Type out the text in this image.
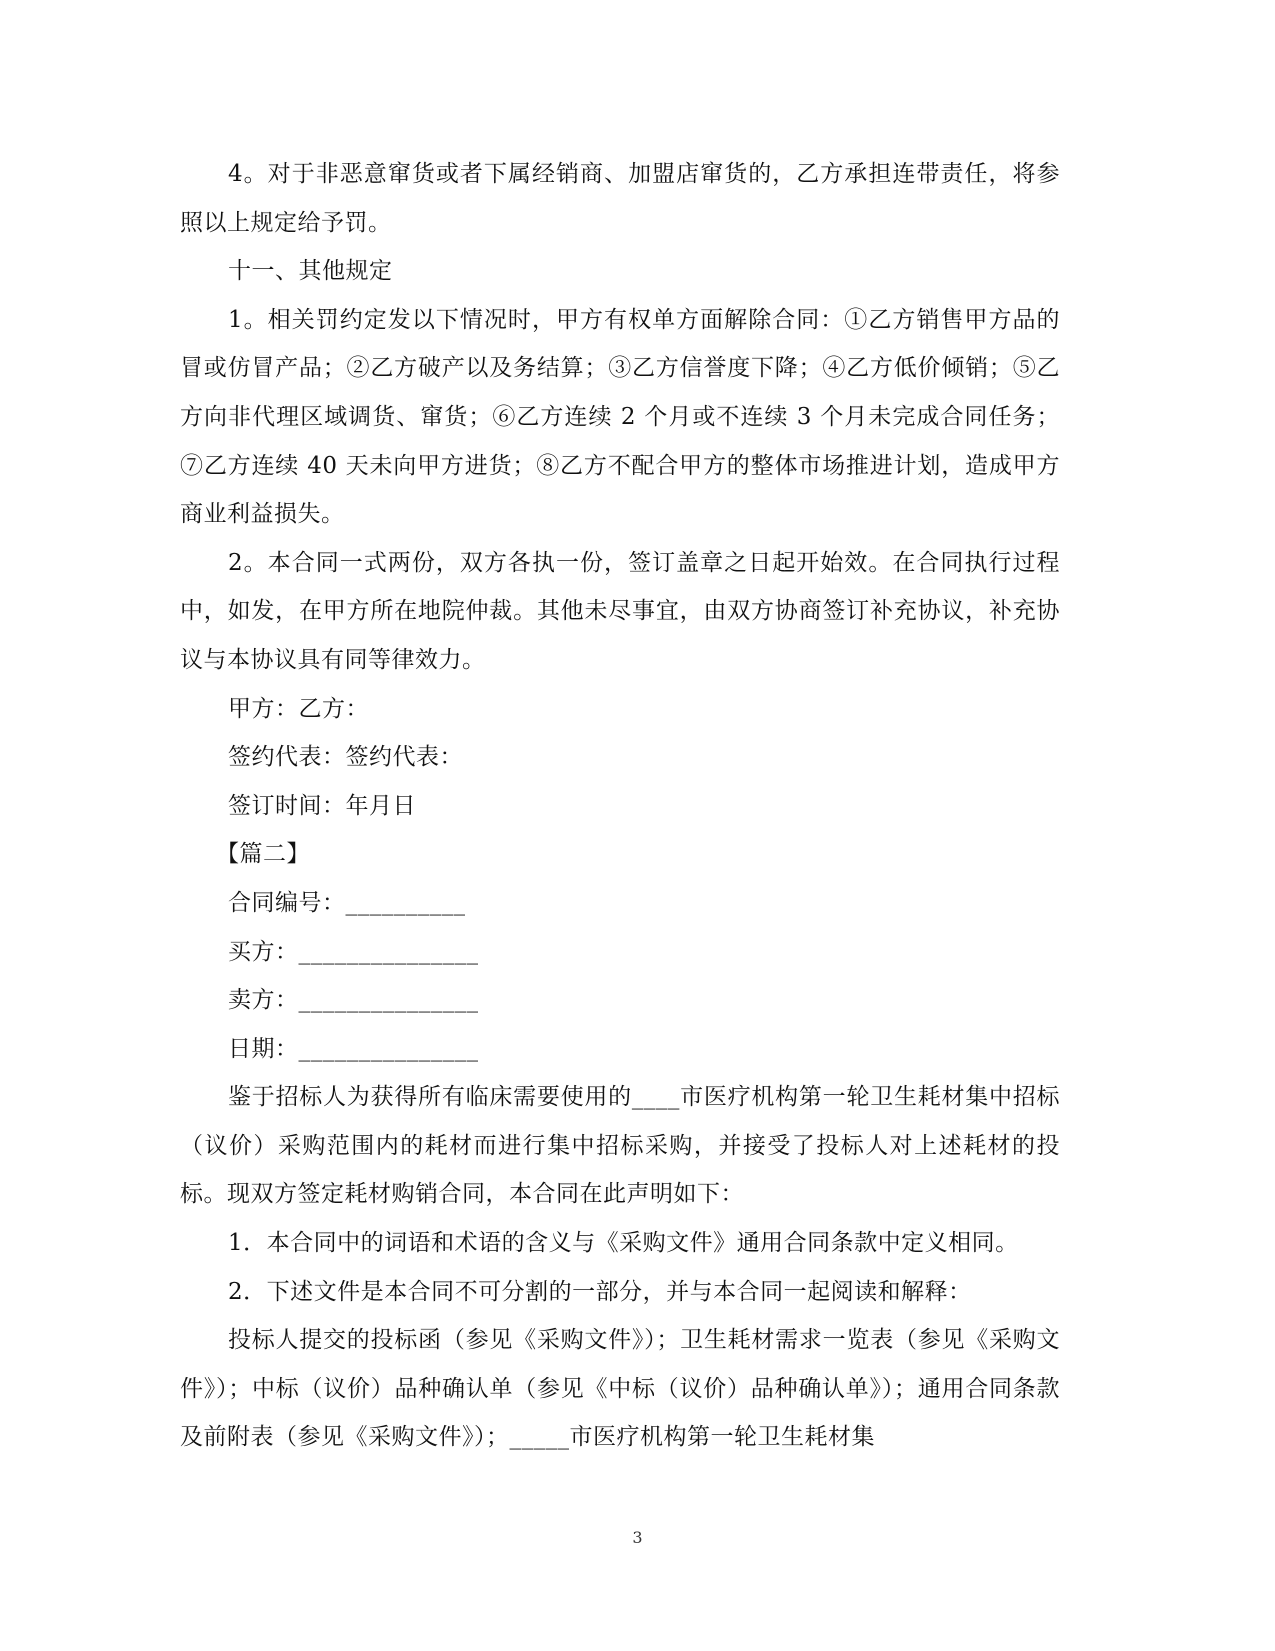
4。对于非恶意窜货或者下属经销商、加盟店窜货的，乙方承担连带责任，将参照以上规定给予罚。

十一、其他规定

1。相关罚约定发以下情况时，甲方有权单方面解除合同：①乙方销售甲方品的冒或仿冒产品；②乙方破产以及务结算；③乙方信誉度下降；④乙方低价倾销；⑤乙方向非代理区域调货、窜货；⑥乙方连续 2 个月或不连续 3 个月未完成合同任务；⑦乙方连续 40 天未向甲方进货；⑧乙方不配合甲方的整体市场推进计划，造成甲方商业利益损失。

2。本合同一式两份，双方各执一份，签订盖章之日起开始效。在合同执行过程中，如发，在甲方所在地院仲裁。其他未尽事宜，由双方协商签订补充协议，补充协议与本协议具有同等律效力。

甲方：乙方：

签约代表：签约代表：

签订时间：年月日

【篇二】

合同编号：__________

买方：_______________

卖方：_______________

日期：_______________

鉴于招标人为获得所有临床需要使用的____市医疗机构第一轮卫生耗材集中招标（议价）采购范围内的耗材而进行集中招标采购，并接受了投标人对上述耗材的投标。现双方签定耗材购销合同，本合同在此声明如下：

1．本合同中的词语和术语的含义与《采购文件》通用合同条款中定义相同。

2．下述文件是本合同不可分割的一部分，并与本合同一起阅读和解释：

投标人提交的投标函（参见《采购文件》）；卫生耗材需求一览表（参见《采购文件》）；中标（议价）品种确认单（参见《中标（议价）品种确认单》）；通用合同条款及前附表（参见《采购文件》）；_____市医疗机构第一轮卫生耗材集

3
